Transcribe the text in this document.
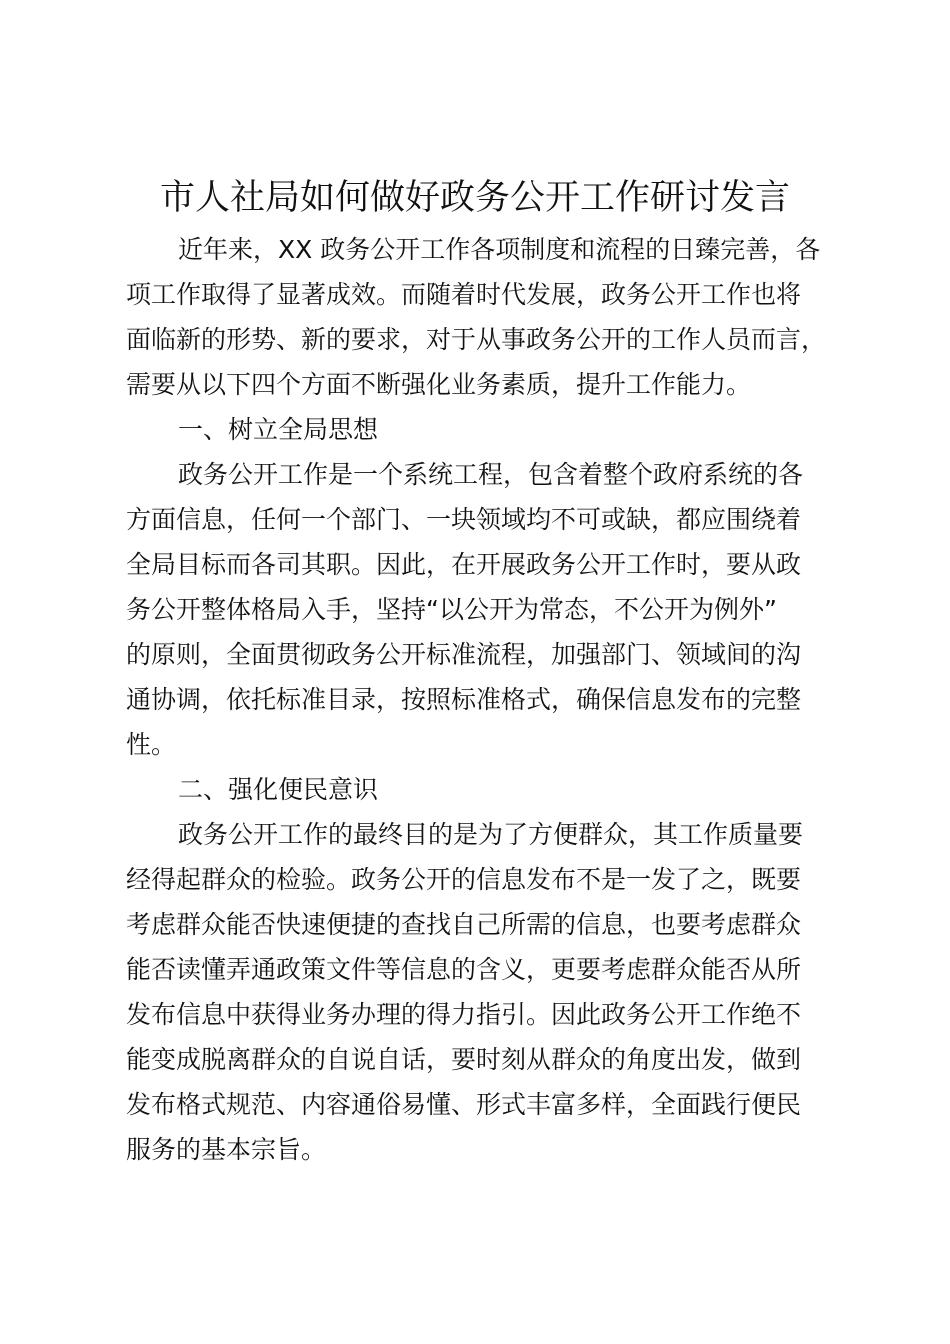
市人社局如何做好政务公开工作研讨发言
近年来，XX 政务公开工作各项制度和流程的日臻完善，各
项工作取得了显著成效。而随着时代发展，政务公开工作也将
面临新的形势、新的要求，对于从事政务公开的工作人员而言，
需要从以下四个方面不断强化业务素质，提升工作能力。
一、树立全局思想
政务公开工作是一个系统工程，包含着整个政府系统的各
方面信息，任何一个部门、一块领域均不可或缺，都应围绕着
全局目标而各司其职。因此，在开展政务公开工作时，要从政
务公开整体格局入手，坚持“以公开为常态，不公开为例外”
的原则，全面贯彻政务公开标准流程，加强部门、领域间的沟
通协调，依托标准目录，按照标准格式，确保信息发布的完整
性。
二、强化便民意识
政务公开工作的最终目的是为了方便群众，其工作质量要
经得起群众的检验。政务公开的信息发布不是一发了之，既要
考虑群众能否快速便捷的查找自己所需的信息，也要考虑群众
能否读懂弄通政策文件等信息的含义，更要考虑群众能否从所
发布信息中获得业务办理的得力指引。因此政务公开工作绝不
能变成脱离群众的自说自话，要时刻从群众的角度出发，做到
发布格式规范、内容通俗易懂、形式丰富多样，全面践行便民
服务的基本宗旨。
